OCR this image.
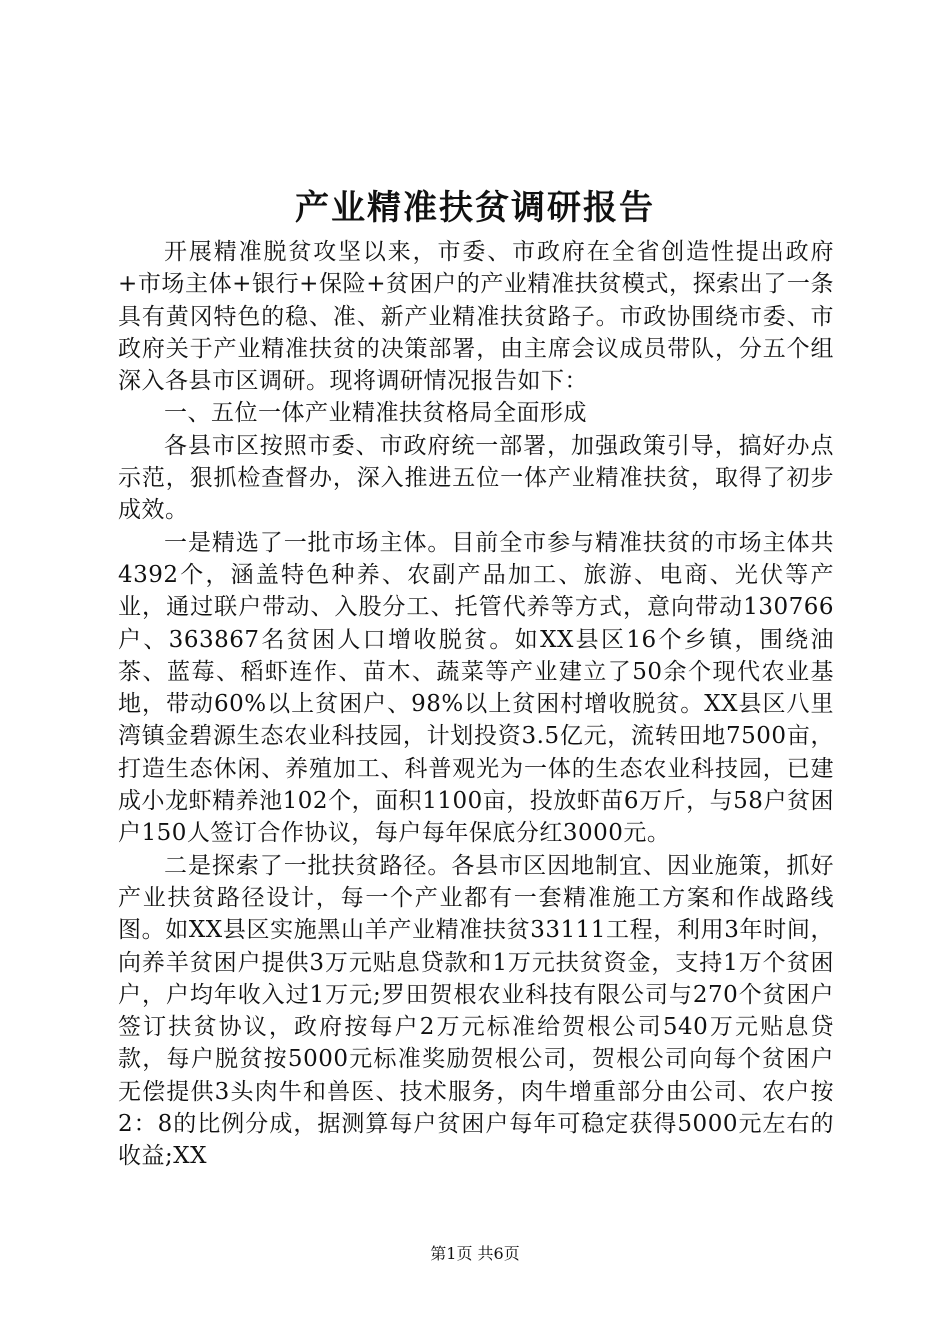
产业精准扶贫调研报告

开展精准脱贫攻坚以来，市委、市政府在全省创造性提出政府+市场主体+银行+保险+贫困户的产业精准扶贫模式，探索出了一条具有黄冈特色的稳、准、新产业精准扶贫路子。市政协围绕市委、市政府关于产业精准扶贫的决策部署，由主席会议成员带队，分五个组深入各县市区调研。现将调研情况报告如下：

一、五位一体产业精准扶贫格局全面形成

各县市区按照市委、市政府统一部署，加强政策引导，搞好办点示范，狠抓检查督办，深入推进五位一体产业精准扶贫，取得了初步成效。

一是精选了一批市场主体。目前全市参与精准扶贫的市场主体共4392个，涵盖特色种养、农副产品加工、旅游、电商、光伏等产业，通过联户带动、入股分工、托管代养等方式，意向带动130766户、363867名贫困人口增收脱贫。如XX县区16个乡镇，围绕油茶、蓝莓、稻虾连作、苗木、蔬菜等产业建立了50余个现代农业基地，带动60%以上贫困户、98%以上贫困村增收脱贫。XX县区八里湾镇金碧源生态农业科技园，计划投资3.5亿元，流转田地7500亩，打造生态休闲、养殖加工、科普观光为一体的生态农业科技园，已建成小龙虾精养池102个，面积1100亩，投放虾苗6万斤，与58户贫困户150人签订合作协议，每户每年保底分红3000元。

二是探索了一批扶贫路径。各县市区因地制宜、因业施策，抓好产业扶贫路径设计，每一个产业都有一套精准施工方案和作战路线图。如XX县区实施黑山羊产业精准扶贫33111工程，利用3年时间，向养羊贫困户提供3万元贴息贷款和1万元扶贫资金，支持1万个贫困户，户均年收入过1万元;罗田贺根农业科技有限公司与270个贫困户签订扶贫协议，政府按每户2万元标准给贺根公司540万元贴息贷款，每户脱贫按5000元标准奖励贺根公司，贺根公司向每个贫困户无偿提供3头肉牛和兽医、技术服务，肉牛增重部分由公司、农户按2：8的比例分成，据测算每户贫困户每年可稳定获得5000元左右的收益;XX

第1页 共6页
